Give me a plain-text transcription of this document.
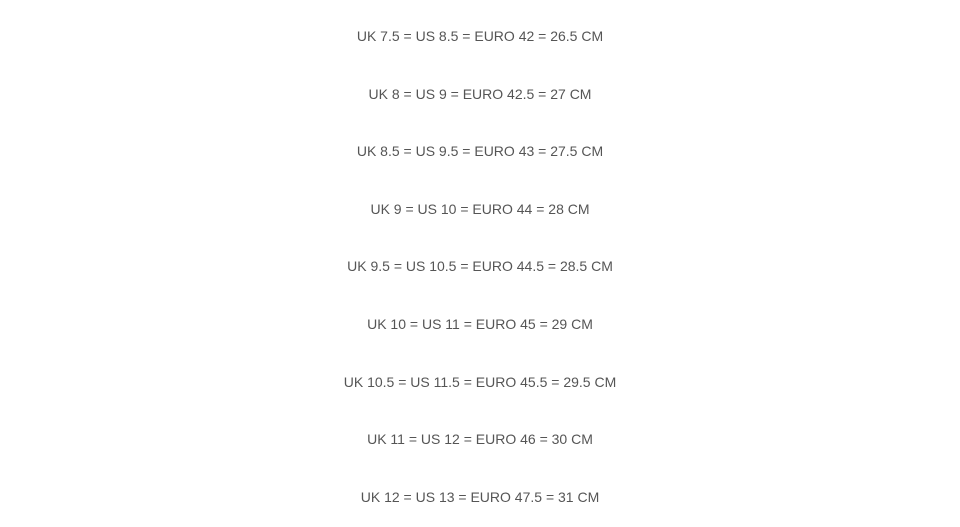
UK 7.5 = US 8.5 = EURO 42 = 26.5 CM
UK 8 = US 9 = EURO 42.5 = 27 CM
UK 8.5 = US 9.5 = EURO 43 = 27.5 CM
UK 9 = US 10 = EURO 44 = 28 CM
UK 9.5 = US 10.5 = EURO 44.5 = 28.5 CM
UK 10 = US 11 = EURO 45 = 29 CM
UK 10.5 = US 11.5 = EURO 45.5 = 29.5 CM
UK 11 = US 12 = EURO 46 = 30 CM
UK 12 = US 13 = EURO 47.5 = 31 CM
